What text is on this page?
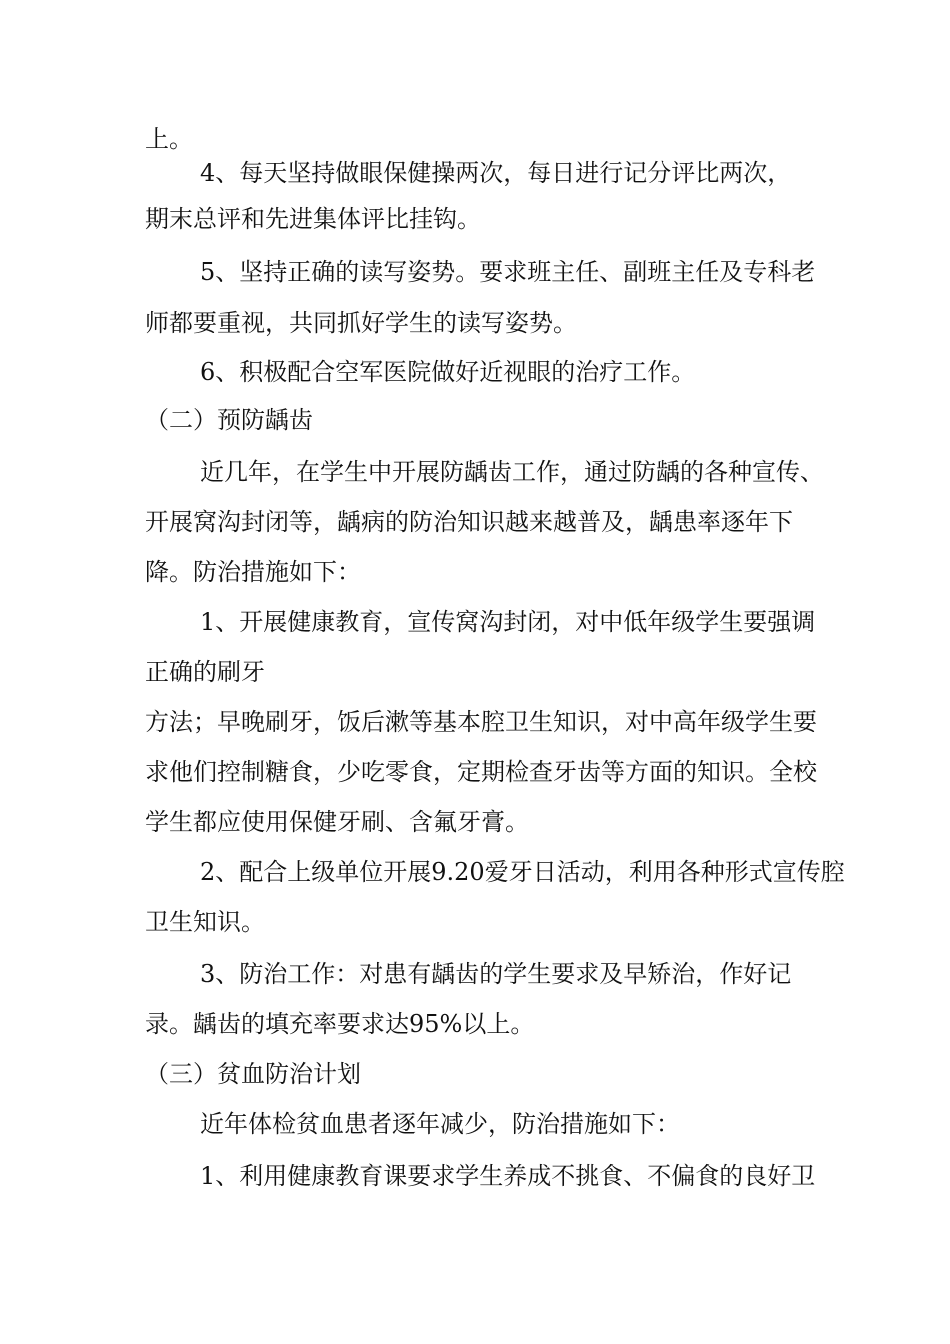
上。

4、每天坚持做眼保健操两次，每日进行记分评比两次，

期末总评和先进集体评比挂钩。

5、坚持正确的读写姿势。要求班主任、副班主任及专科老

师都要重视，共同抓好学生的读写姿势。

6、积极配合空军医院做好近视眼的治疗工作。

（二）预防龋齿

近几年，在学生中开展防龋齿工作，通过防龋的各种宣传、

开展窝沟封闭等，龋病的防治知识越来越普及，龋患率逐年下

降。防治措施如下：

1、开展健康教育，宣传窝沟封闭，对中低年级学生要强调

正确的刷牙

方法；早晚刷牙，饭后漱等基本腔卫生知识，对中高年级学生要

求他们控制糖食，少吃零食，定期检查牙齿等方面的知识。全校

学生都应使用保健牙刷、含氟牙膏。

2、配合上级单位开展9.20爱牙日活动，利用各种形式宣传腔

卫生知识。

3、防治工作：对患有龋齿的学生要求及早矫治，作好记

录。龋齿的填充率要求达95%以上。

（三）贫血防治计划

近年体检贫血患者逐年减少，防治措施如下：

1、利用健康教育课要求学生养成不挑食、不偏食的良好卫
